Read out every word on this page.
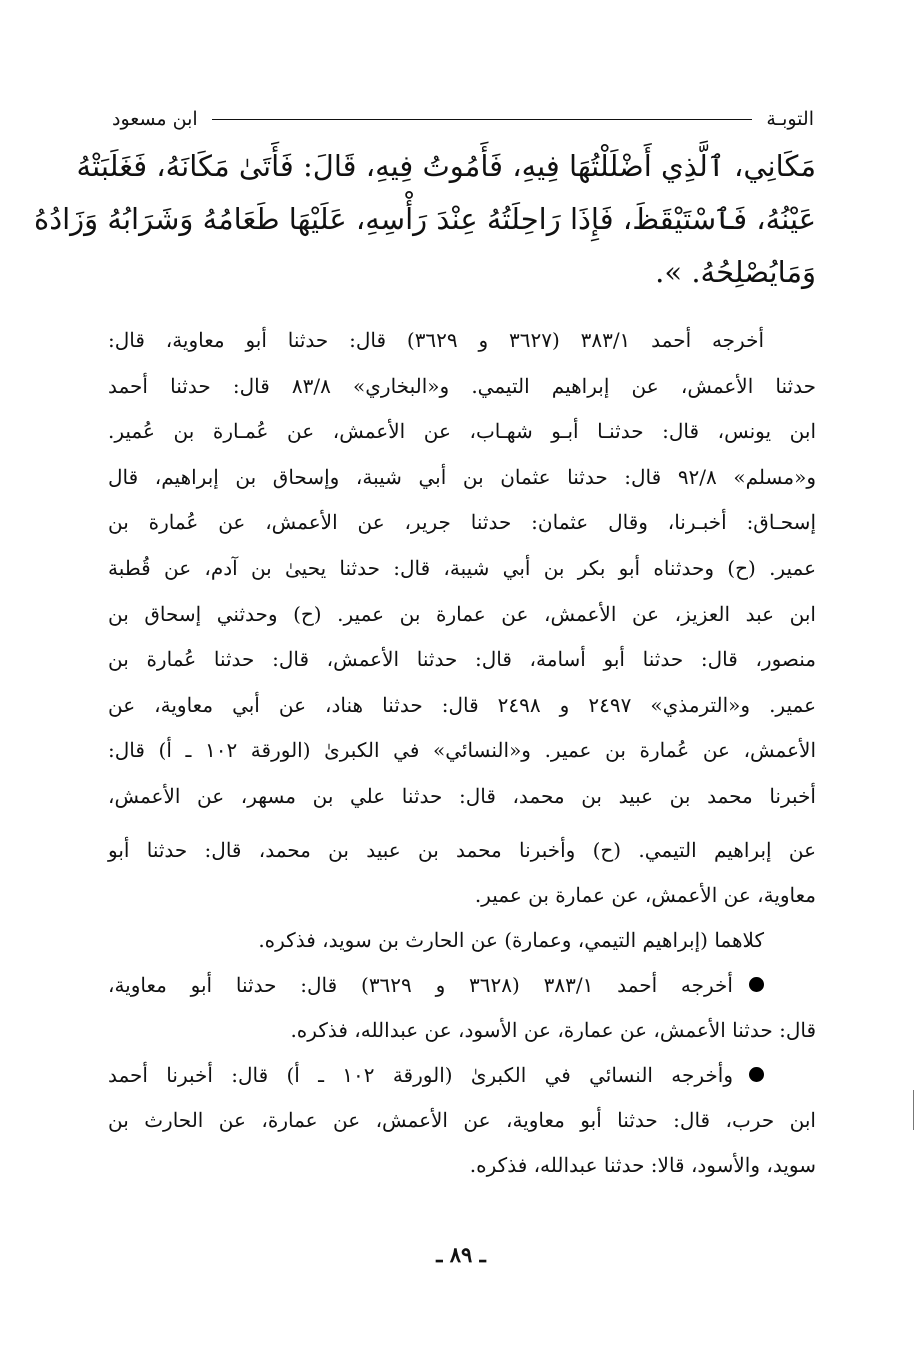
التوبـة
ابن مسعود
مَكَانِي، ٱلَّذِي أَضْلَلْتُهَا فِيهِ، فَأَمُوتُ فِيهِ، قَالَ: فَأَتَىٰ مَكَانَهُ، فَغَلَبَتْهُ
عَيْنُهُ، فَٱسْتَيْقَظَ، فَإِذَا رَاحِلَتُهُ عِنْدَ رَأْسِهِ، عَلَيْهَا طَعَامُهُ وَشَرَابُهُ وَزَادُهُ
وَمَايُصْلِحُهُ. ».
أخرجه أحمد ٣٨٣/١ (٣٦٢٧ و ٣٦٢٩) قال: حدثنا أبو معاوية، قال:
حدثنا الأعمش، عن إبراهيم التيمي. و«البخاري» ٨٣/٨ قال: حدثنا أحمد
ابن يونس، قال: حدثنـا أبـو شهـاب، عن الأعمش، عن عُمـارة بن عُمير.
و«مسلم» ٩٢/٨ قال: حدثنا عثمان بن أبي شيبة، وإسحاق بن إبراهيم، قال
إسحـاق: أخبـرنا، وقال عثمان: حدثنا جرير، عن الأعمش، عن عُمارة بن
عمير. (ح) وحدثناه أبو بكر بن أبي شيبة، قال: حدثنا يحيىٰ بن آدم، عن قُطبة
ابن عبد العزيز، عن الأعمش، عن عمارة بن عمير. (ح) وحدثني إسحاق بن
منصور، قال: حدثنا أبو أسامة، قال: حدثنا الأعمش، قال: حدثنا عُمارة بن
عمير. و«الترمذي» ٢٤٩٧ و ٢٤٩٨ قال: حدثنا هناد، عن أبي معاوية، عن
الأعمش، عن عُمارة بن عمير. و«النسائي» في الكبرىٰ (الورقة ١٠٢ ـ أ) قال:
أخبرنا محمد بن عبيد بن محمد، قال: حدثنا علي بن مسهر، عن الأعمش،
عن إبراهيم التيمي. (ح) وأخبرنا محمد بن عبيد بن محمد، قال: حدثنا أبو
معاوية، عن الأعمش، عن عمارة بن عمير.
كلاهما (إبراهيم التيمي، وعمارة) عن الحارث بن سويد، فذكره.
أخرجه أحمد ٣٨٣/١ (٣٦٢٨ و ٣٦٢٩) قال: حدثنا أبو معاوية،
قال: حدثنا الأعمش، عن عمارة، عن الأسود، عن عبدالله، فذكره.
وأخرجه النسائي في الكبرىٰ (الورقة ١٠٢ ـ أ) قال: أخبرنا أحمد
ابن حرب، قال: حدثنا أبو معاوية، عن الأعمش، عن عمارة، عن الحارث بن
سويد، والأسود، قالا: حدثنا عبدالله، فذكره.
ـ ٨٩ ـ
